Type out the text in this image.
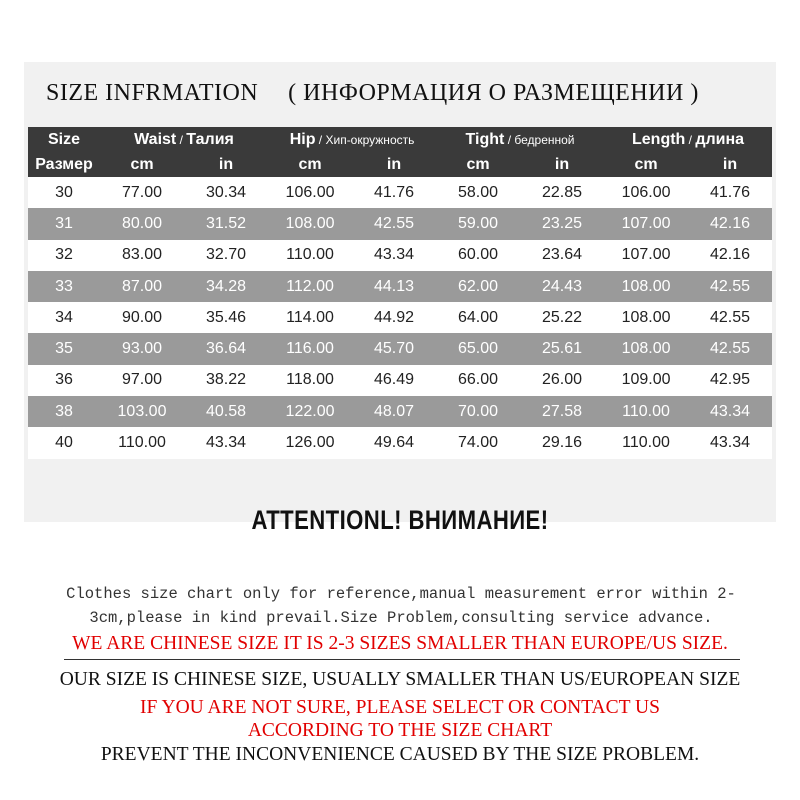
SIZE INFRMATION ( ИНФОРМАЦИЯ О РАЗМЕЩЕНИИ )
Size	Waist / Талия		Hip / Хип-окружность		Tight / бедренной		Length / длина	
Размер	cm	in	cm	in	cm	in	cm	in
30	77.00	30.34	106.00	41.76	58.00	22.85	106.00	41.76
31	80.00	31.52	108.00	42.55	59.00	23.25	107.00	42.16
32	83.00	32.70	110.00	43.34	60.00	23.64	107.00	42.16
33	87.00	34.28	112.00	44.13	62.00	24.43	108.00	42.55
34	90.00	35.46	114.00	44.92	64.00	25.22	108.00	42.55
35	93.00	36.64	116.00	45.70	65.00	25.61	108.00	42.55
36	97.00	38.22	118.00	46.49	66.00	26.00	109.00	42.95
38	103.00	40.58	122.00	48.07	70.00	27.58	110.00	43.34
40	110.00	43.34	126.00	49.64	74.00	29.16	110.00	43.34
ATTENTIONL! ВНИМАНИЕ!
Clothes size chart only for reference,manual measurement error within 2-
3cm,please in kind prevail.Size Problem,consulting service advance.
WE ARE CHINESE SIZE IT IS 2-3 SIZES SMALLER THAN EUROPE/US SIZE.
OUR SIZE IS CHINESE SIZE, USUALLY SMALLER THAN US/EUROPEAN SIZE
IF YOU ARE NOT SURE, PLEASE SELECT OR CONTACT US
ACCORDING TO THE SIZE CHART
PREVENT THE INCONVENIENCE CAUSED BY THE SIZE PROBLEM.
